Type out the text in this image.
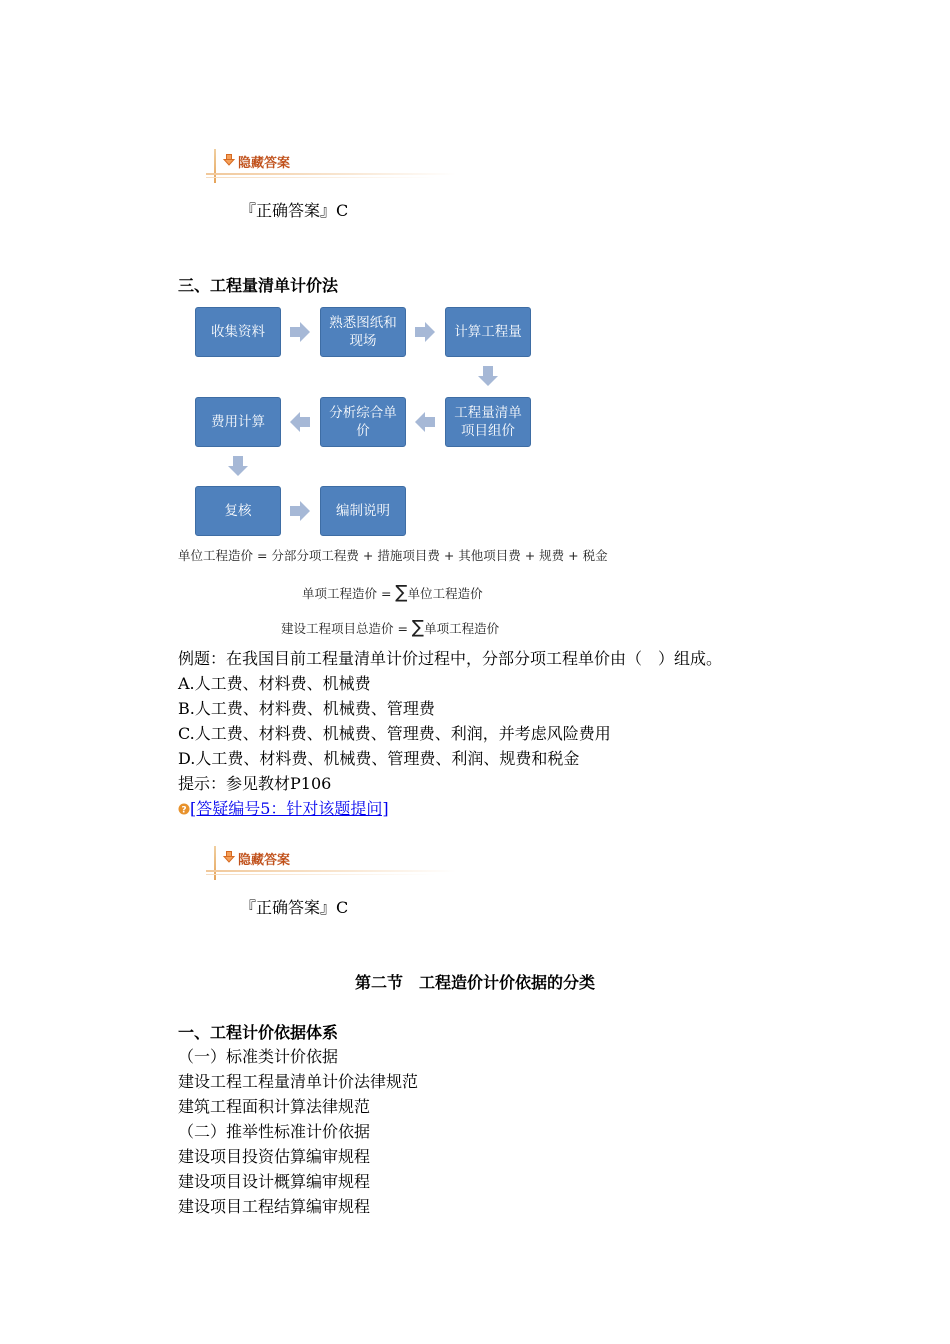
隐藏答案
『正确答案』C
三、工程量清单计价法
收集资料
熟悉图纸和现场
计算工程量
工程量清单项目组价
分析综合单价
费用计算
复核	编制说明
单位工程造价 = 分部分项工程费 + 措施项目费 + 其他项目费 + 规费 + 税金
单项工程造价 = ∑单位工程造价
建设工程项目总造价 = ∑单项工程造价
例题：在我国目前工程量清单计价过程中，分部分项工程单价由（　）组成。
A.人工费、材料费、机械费
B.人工费、材料费、机械费、管理费
C.人工费、材料费、机械费、管理费、利润，并考虑风险费用
D.人工费、材料费、机械费、管理费、利润、规费和税金
提示：参见教材P106
? [答疑编号5：针对该题提问]
隐藏答案
『正确答案』C
第二节　工程造价计价依据的分类
一、工程计价依据体系
（一）标准类计价依据
建设工程工程量清单计价法律规范
建筑工程面积计算法律规范
（二）推举性标准计价依据
建设项目投资估算编审规程
建设项目设计概算编审规程
建设项目工程结算编审规程
